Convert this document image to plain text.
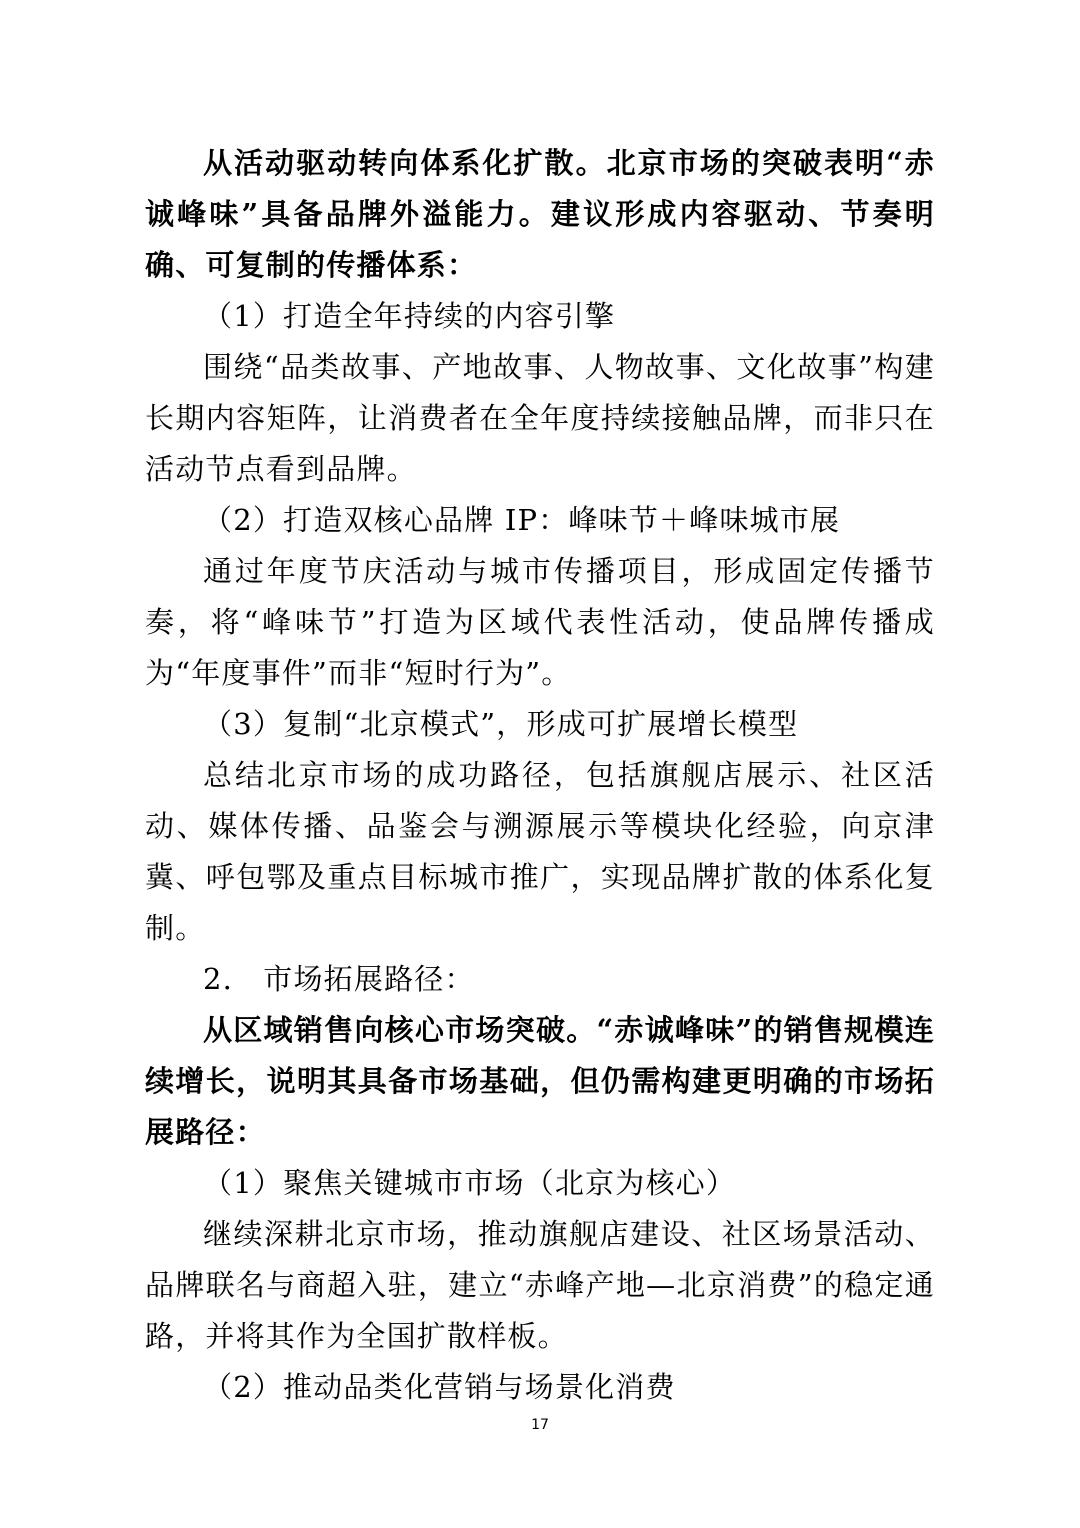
从活动驱动转向体系化扩散。北京市场的突破表明“赤诚峰味”具备品牌外溢能力。建议形成内容驱动、节奏明确、可复制的传播体系：

（1）打造全年持续的内容引擎

围绕“品类故事、产地故事、人物故事、文化故事”构建长期内容矩阵，让消费者在全年度持续接触品牌，而非只在活动节点看到品牌。

（2）打造双核心品牌 IP：峰味节＋峰味城市展

通过年度节庆活动与城市传播项目，形成固定传播节奏，将“峰味节”打造为区域代表性活动，使品牌传播成为“年度事件”而非“短时行为”。

（3）复制“北京模式”，形成可扩展增长模型

总结北京市场的成功路径，包括旗舰店展示、社区活动、媒体传播、品鉴会与溯源展示等模块化经验，向京津冀、呼包鄂及重点目标城市推广，实现品牌扩散的体系化复制。

2.　市场拓展路径：

从区域销售向核心市场突破。“赤诚峰味”的销售规模连续增长，说明其具备市场基础，但仍需构建更明确的市场拓展路径：

（1）聚焦关键城市市场（北京为核心）

继续深耕北京市场，推动旗舰店建设、社区场景活动、品牌联名与商超入驻，建立“赤峰产地—北京消费”的稳定通路，并将其作为全国扩散样板。

（2）推动品类化营销与场景化消费

17
